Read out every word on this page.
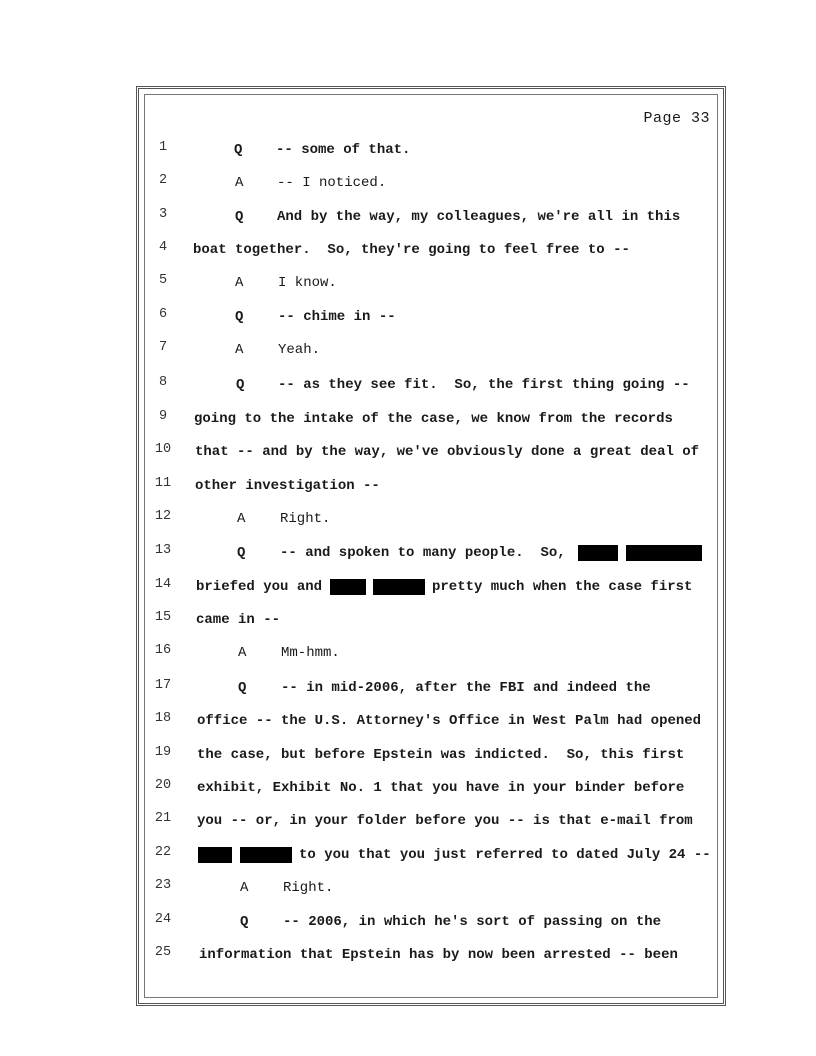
Page 33
1	Q -- some of that.
2	A -- I noticed.
3	Q And by the way, my colleagues, we're all in this
4	boat together.  So, they're going to feel free to --
5	A I know.
6	Q -- chime in --
7	A Yeah.
8	Q -- as they see fit.  So, the first thing going --
9	going to the intake of the case, we know from the records
10	that -- and by the way, we've obviously done a great deal of
11	other investigation --
12	A Right.
13	Q -- and spoken to many people.  So,
14	briefed you and	pretty much when the case first
15	came in --
16	A Mm-hmm.
17	Q -- in mid-2006, after the FBI and indeed the
18	office -- the U.S. Attorney's Office in West Palm had opened
19	the case, but before Epstein was indicted.  So, this first
20	exhibit, Exhibit No. 1 that you have in your binder before
21	you -- or, in your folder before you -- is that e-mail from
22	to you that you just referred to dated July 24 --
23	A Right.
24	Q -- 2006, in which he's sort of passing on the
25	information that Epstein has by now been arrested -- been
